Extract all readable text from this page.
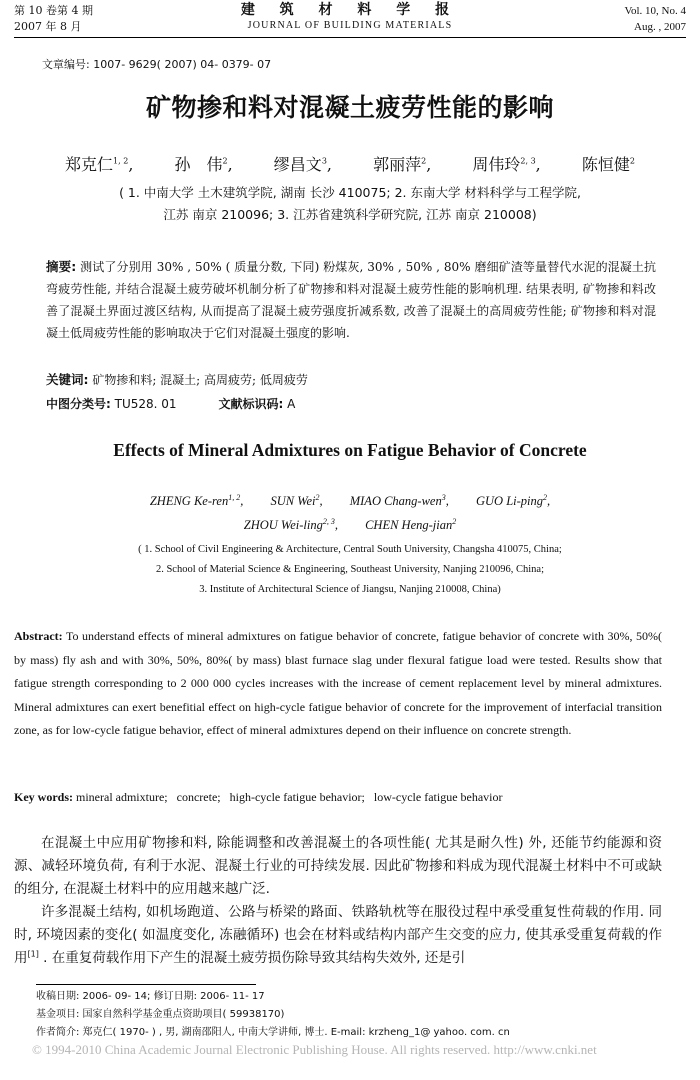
第 10 卷第 4 期
2007 年 8 月
建 筑 材 料 学 报
JOURNAL OF BUILDING MATERIALS
Vol. 10, No. 4
Aug. , 2007
文章编号: 1007- 9629( 2007) 04- 0379- 07
矿物掺和料对混凝土疲劳性能的影响
郑克仁$^{1, 2}$,	孙　伟$^2$,	缪昌文$^3$,	郭丽萍$^2$,	周伟玲$^{2, 3}$,	陈恒健$^2$
( 1. 中南大学 土木建筑学院, 湖南 长沙 410075; 2. 东南大学 材料科学与工程学院,
江苏 南京 210096; 3. 江苏省建筑科学研究院, 江苏 南京 210008)
摘要: 测试了分别用 30% , 50% ( 质量分数, 下同) 粉煤灰, 30% , 50% , 80% 磨细矿渣等量替代水泥的混凝土抗弯疲劳性能, 并结合混凝土疲劳破坏机制分析了矿物掺和料对混凝土疲劳性能的影响机理. 结果表明, 矿物掺和料改善了混凝土界面过渡区结构, 从而提高了混凝土疲劳强度折减系数, 改善了混凝土的高周疲劳性能; 矿物掺和料对混凝土低周疲劳性能的影响取决于它们对混凝土强度的影响.
关键词: 矿物掺和料; 混凝土; 高周疲劳; 低周疲劳
中图分类号: TU528. 01	文献标识码: A
Effects of Mineral Admixtures on Fatigue Behavior of Concrete
ZHENG Ke-ren$^{1, 2}$, SUN Wei$^2$, MIAO Chang-wen$^3$, GUO Li-ping$^2$,
ZHOU Wei-ling$^{2, 3}$, CHEN Heng-jian$^2$
( 1. School of Civil Engineering & Architecture, Central South University, Changsha 410075, China;
2. School of Material Science & Engineering, Southeast University, Nanjing 210096, China;
3. Institute of Architectural Science of Jiangsu, Nanjing 210008, China)
Abstract: To understand effects of mineral admixtures on fatigue behavior of concrete, fatigue behavior of concrete with 30%, 50%( by mass) fly ash and with 30%, 50%, 80%( by mass) blast furnace slag under flexural fatigue load were tested. Results show that fatigue strength corresponding to 2 000 000 cycles increases with the increase of cement replacement level by mineral admixtures. Mineral admixtures can exert benefitial effect on high-cycle fatigue behavior of concrete for the improvement of interfacial transition zone, as for low-cycle fatigue behavior, effect of mineral admixtures depend on their influence on concrete strength.
Key words: mineral admixture; concrete; high-cycle fatigue behavior; low-cycle fatigue behavior

在混凝土中应用矿物掺和料, 除能调整和改善混凝土的各项性能( 尤其是耐久性) 外, 还能节约能源和资源、减轻环境负荷, 有利于水泥、混凝土行业的可持续发展. 因此矿物掺和料成为现代混凝土材料中不可或缺的组分, 在混凝土材料中的应用越来越广泛.

许多混凝土结构, 如机场跑道、公路与桥梁的路面、铁路轨枕等在服役过程中承受重复性荷载的作用. 同时, 环境因素的变化( 如温度变化, 冻融循环) 也会在材料或结构内部产生交变的应力, 使其承受重复荷载的作用[1] . 在重复荷载作用下产生的混凝土疲劳损伤除导致其结构失效外, 还是引

收稿日期: 2006- 09- 14; 修订日期: 2006- 11- 17
基金项目: 国家自然科学基金重点资助项目( 59938170)
作者简介: 郑克仁( 1970- ) , 男, 湖南邵阳人, 中南大学讲师, 博士. E-mail: krzheng_1@ yahoo. com. cn
© 1994-2010 China Academic Journal Electronic Publishing House. All rights reserved. http://www.cnki.net
